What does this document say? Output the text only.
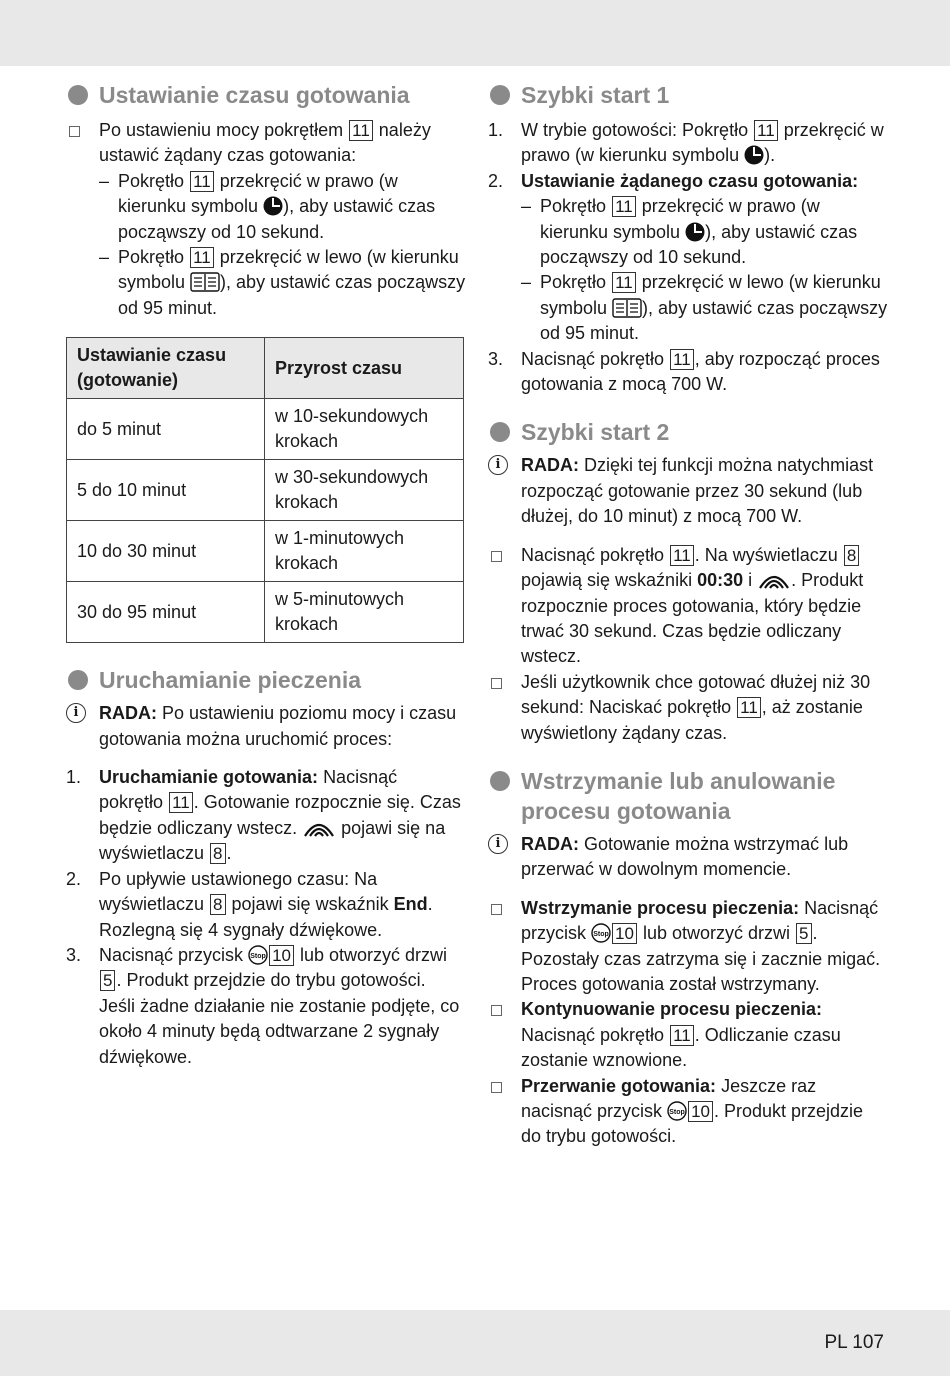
Ustawianie czasu gotowania
Po ustawieniu mocy pokrętłem 11 należy ustawić żądany czas gotowania:
– Pokrętło 11 przekręcić w prawo (w kierunku symbolu ), aby ustawić czas począwszy od 10 sekund.
– Pokrętło 11 przekręcić w lewo (w kierunku symbolu ), aby ustawić czas począwszy od 95 minut.
Ustawianie czasu (gotowanie)	Przyrost czasu
do 5 minut	w 10-sekundowych krokach
5 do 10 minut	w 30-sekundowych krokach
10 do 30 minut	w 1-minutowych krokach
30 do 95 minut	w 5-minutowych krokach
Uruchamianie pieczenia
i	RADA: Po ustawieniu poziomu mocy i czasu gotowania można uruchomić proces:
1. Uruchamianie gotowania: Nacisnąć pokrętło 11 . Gotowanie rozpocznie się. Czas będzie odliczany wstecz. pojawi się na wyświetlaczu 8 .
2. Po upływie ustawionego czasu: Na wyświetlaczu 8 pojawi się wskaźnik End. Rozlegną się 4 sygnały dźwiękowe.
3. Nacisnąć przycisk Stop 10 lub otworzyć drzwi 5 . Produkt przejdzie do trybu gotowości. Jeśli żadne działanie nie zostanie podjęte, co około 4 minuty będą odtwarzane 2 sygnały dźwiękowe.
Szybki start 1
1. W trybie gotowości: Pokrętło 11 przekręcić w prawo (w kierunku symbolu ).
2. Ustawianie żądanego czasu gotowania:
– Pokrętło 11 przekręcić w prawo (w kierunku symbolu ), aby ustawić czas począwszy od 10 sekund.
– Pokrętło 11 przekręcić w lewo (w kierunku symbolu ), aby ustawić czas począwszy od 95 minut.
3. Nacisnąć pokrętło 11 , aby rozpocząć proces gotowania z mocą 700 W.
Szybki start 2
i	RADA: Dzięki tej funkcji można natychmiast rozpocząć gotowanie przez 30 sekund (lub dłużej, do 10 minut) z mocą 700 W.
Nacisnąć pokrętło 11 . Na wyświetlaczu 8 pojawią się wskaźniki 00:30 i . Produkt rozpocznie proces gotowania, który będzie trwać 30 sekund. Czas będzie odliczany wstecz.
Jeśli użytkownik chce gotować dłużej niż 30 sekund: Naciskać pokrętło 11 , aż zostanie wyświetlony żądany czas.
Wstrzymanie lub anulowanie procesu gotowania
i	RADA: Gotowanie można wstrzymać lub przerwać w dowolnym momencie.
Wstrzymanie procesu pieczenia: Nacisnąć przycisk Stop 10 lub otworzyć drzwi 5 . Pozostały czas zatrzyma się i zacznie migać. Proces gotowania został wstrzymany.
Kontynuowanie procesu pieczenia: Nacisnąć pokrętło 11 . Odliczanie czasu zostanie wznowione.
Przerwanie gotowania: Jeszcze raz nacisnąć przycisk Stop 10 . Produkt przejdzie do trybu gotowości.
PL 107
